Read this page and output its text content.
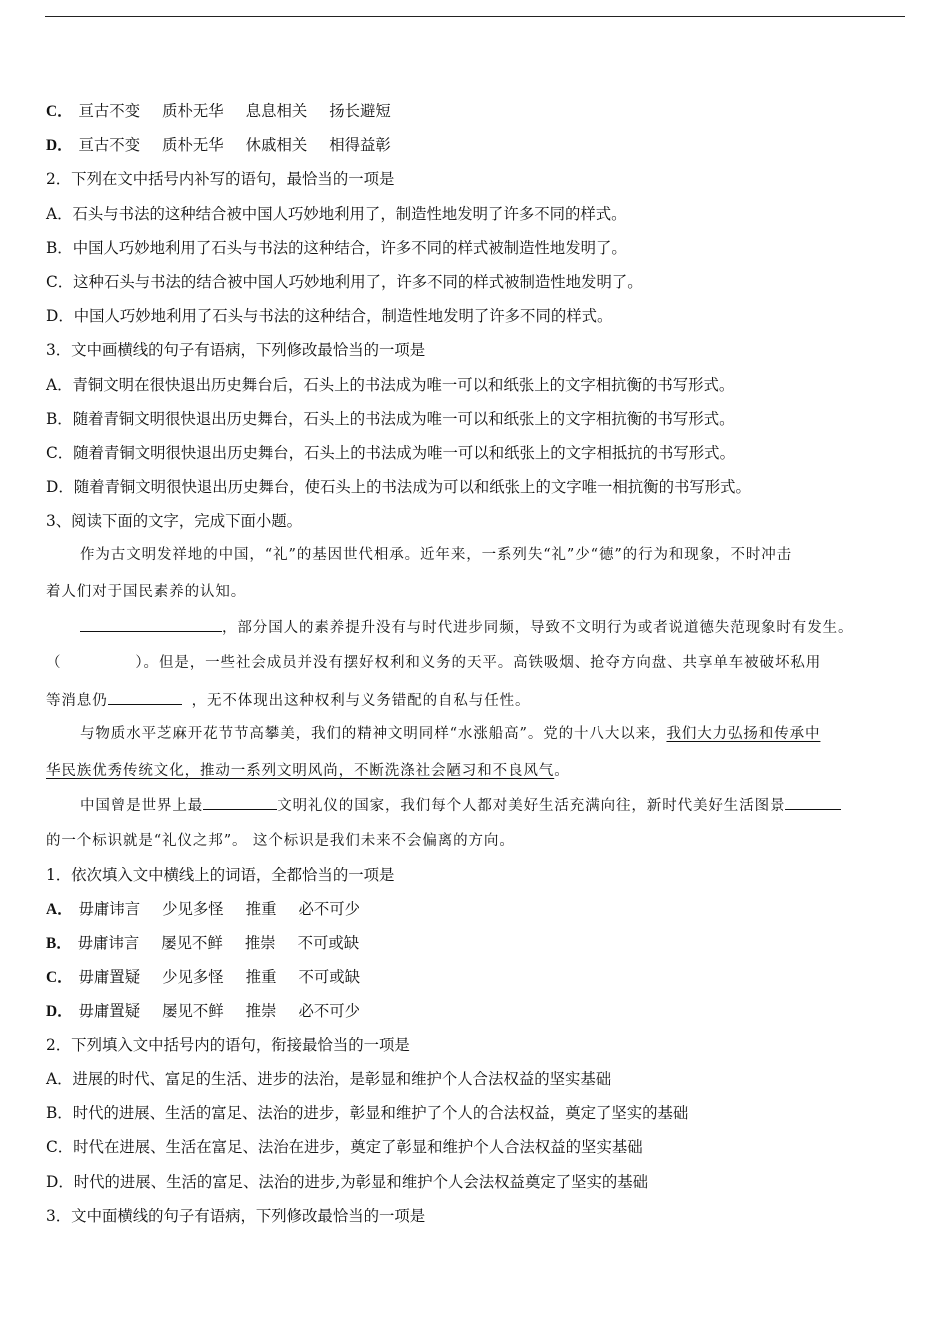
C． 亘古不变 质朴无华 息息相关 扬长避短
D． 亘古不变 质朴无华 休戚相关 相得益彰
2．下列在文中括号内补写的语句，最恰当的一项是
A．石头与书法的这种结合被中国人巧妙地利用了，制造性地发明了许多不同的样式。
B．中国人巧妙地利用了石头与书法的这种结合，许多不同的样式被制造性地发明了。
C．这种石头与书法的结合被中国人巧妙地利用了，许多不同的样式被制造性地发明了。
D．中国人巧妙地利用了石头与书法的这种结合，制造性地发明了许多不同的样式。
3．文中画横线的句子有语病，下列修改最恰当的一项是
A．青铜文明在很快退出历史舞台后，石头上的书法成为唯一可以和纸张上的文字相抗衡的书写形式。
B．随着青铜文明很快退出历史舞台，石头上的书法成为唯一可以和纸张上的文字相抗衡的书写形式。
C．随着青铜文明很快退出历史舞台，石头上的书法成为唯一可以和纸张上的文字相抵抗的书写形式。
D．随着青铜文明很快退出历史舞台，使石头上的书法成为可以和纸张上的文字唯一相抗衡的书写形式。
3、阅读下面的文字，完成下面小题。
作为古文明发祥地的中国，“礼”的基因世代相承。近年来，一系列失“礼”少“德”的行为和现象，不时冲击
着人们对于国民素养的认知。
，部分国人的素养提升没有与时代进步同频，导致不文明行为或者说道德失范现象时有发生。
（	）。但是，一些社会成员并没有摆好权利和义务的天平。高铁吸烟、抢夺方向盘、共享单车被破坏私用
等消息仍	，无不体现出这种权利与义务错配的自私与任性。
与物质水平芝麻开花节节高攀美，我们的精神文明同样“水涨船高”。党的十八大以来，我们大力弘扬和传承中
华民族优秀传统文化，推动一系列文明风尚，不断洗涤社会陋习和不良风气。
中国曾是世界上最	文明礼仪的国家，我们每个人都对美好生活充满向往，新时代美好生活图景
的一个标识就是“礼仪之邦”。 这个标识是我们未来不会偏离的方向。
1．依次填入文中横线上的词语，全都恰当的一项是
A． 毋庸讳言 少见多怪 推重 必不可少
B． 毋庸讳言 屡见不鲜 推崇 不可或缺
C． 毋庸置疑 少见多怪 推重 不可或缺
D． 毋庸置疑 屡见不鲜 推崇 必不可少
2．下列填入文中括号内的语句，衔接最恰当的一项是
A．进展的时代、富足的生活、进步的法治，是彰显和维护个人合法权益的坚实基础
B．时代的进展、生活的富足、法治的进步，彰显和维护了个人的合法权益，奠定了坚实的基础
C．时代在进展、生活在富足、法治在进步，奠定了彰显和维护个人合法权益的坚实基础
D．时代的进展、生活的富足、法治的进步,为彰显和维护个人会法权益奠定了坚实的基础
3．文中面横线的句子有语病，下列修改最恰当的一项是
